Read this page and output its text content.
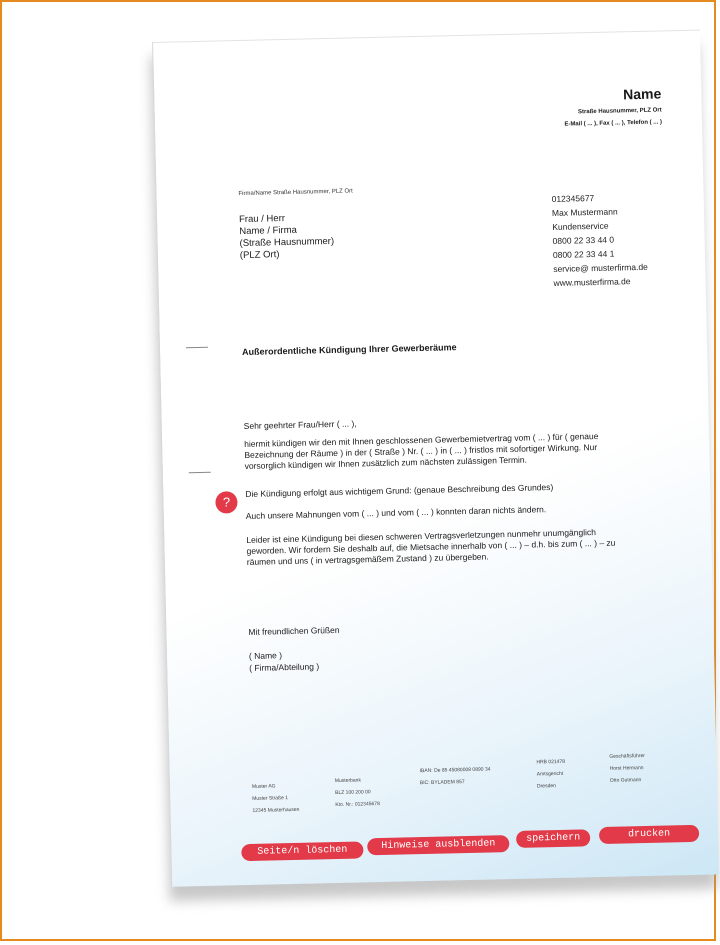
Name
Straße Hausnummer, PLZ Ort
E-Mail ( ... ), Fax ( ... ), Telefon ( ... )
Firma/Name Straße Hausnummer, PLZ Ort
Frau / Herr
Name / Firma
(Straße Hausnummer)
(PLZ Ort)
012345677
Max Mustermann
Kundenservice
0800 22 33 44 0
0800 22 33 44 1
service@ musterfirma.de
www.musterfirma.de
Außerordentliche Kündigung Ihrer Gewerberäume
Sehr geehrter Frau/Herr ( ... ),
hiermit kündigen wir den mit Ihnen geschlossenen Gewerbemietvertrag vom ( ... ) für ( genaue Bezeichnung der Räume ) in der ( Straße ) Nr. ( ... ) in ( ... ) fristlos mit sofortiger Wirkung. Nur vorsorglich kündigen wir Ihnen zusätzlich zum nächsten zulässigen Termin.
Die Kündigung erfolgt aus wichtigem Grund: (genaue Beschreibung des Grundes)
Auch unsere Mahnungen vom ( ... ) und vom ( ... ) konnten daran nichts ändern.
Leider ist eine Kündigung bei diesen schweren Vertragsverletzungen nunmehr unumgänglich geworden. Wir fordern Sie deshalb auf, die Mietsache innerhalb von ( ... ) – d.h. bis zum ( ... ) – zu räumen und uns ( in vertragsgemäßem Zustand ) zu übergeben.
?
Mit freundlichen Grüßen
( Name )
( Firma/Abteilung )
Muster AG
Muster Straße 1
12345 Musterhausen
Musterbank
BLZ 100 200 00
Kto. Nr.: 012345678
IBAN: De 85 45080008 0890 34
BIC: BYLADEM 857
HRB 021478
Amtsgericht
Dresden
Geschäftsführer
Horst Hermann
Otto Gutmann
Seite/n löschen	Hinweise ausblenden	speichern	drucken
